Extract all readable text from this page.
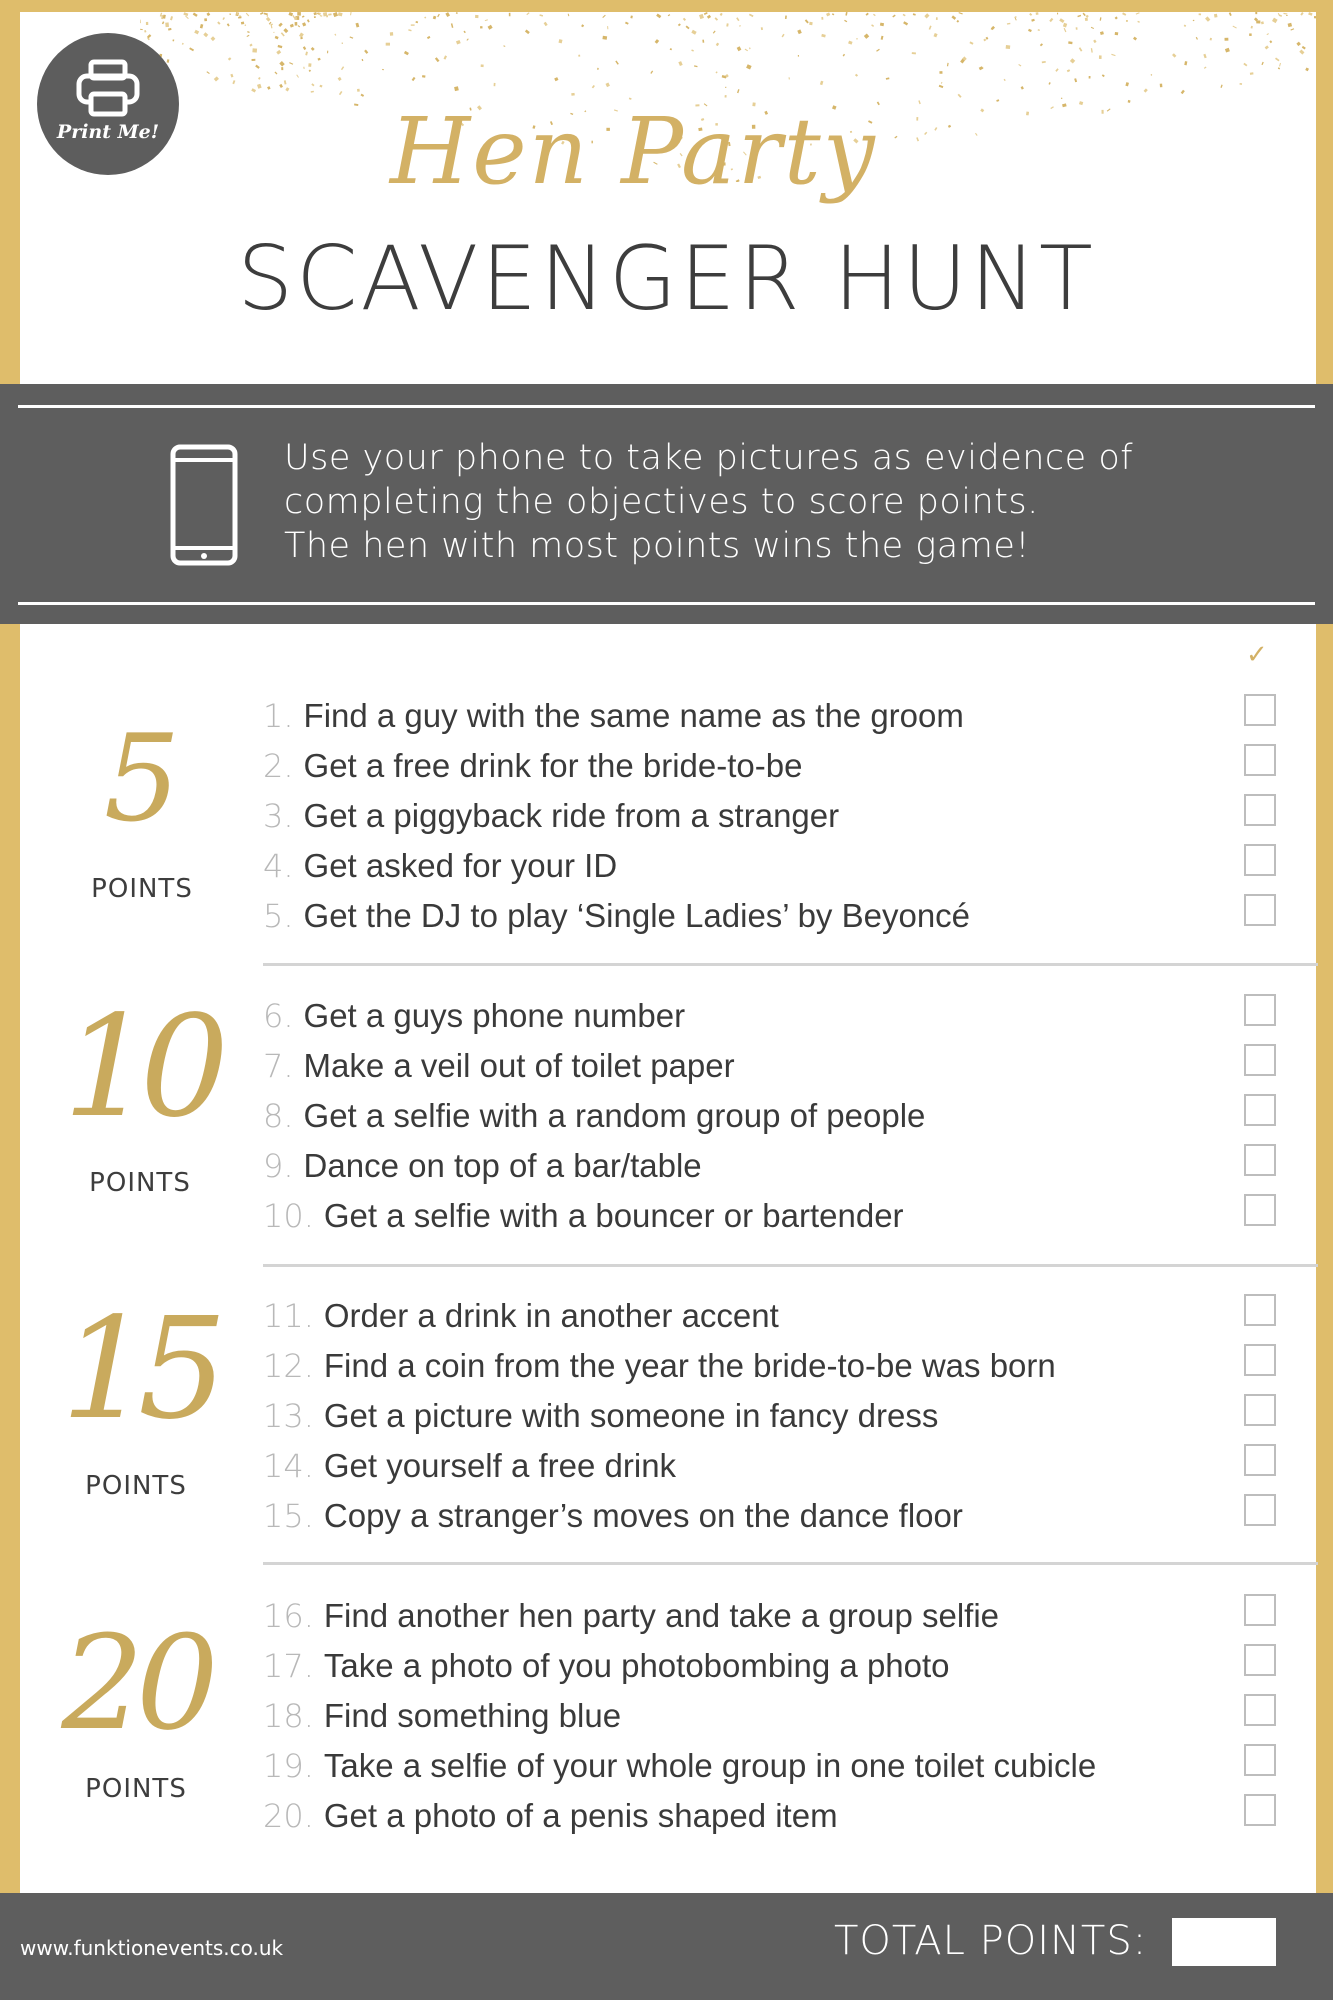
Print Me!	Hen Party
SCAVENGER HUNT
Use your phone to take pictures as evidence of
completing the objectives to score points.
The hen with most points wins the game!
✓
5
POINTS
1. Find a guy with the same name as the groom
2. Get a free drink for the bride-to-be
3. Get a piggyback ride from a stranger
4. Get asked for your ID
5. Get the DJ to play ‘Single Ladies’ by Beyoncé
10
POINTS
6. Get a guys phone number
7. Make a veil out of toilet paper
8. Get a selfie with a random group of people
9. Dance on top of a bar/table
10. Get a selfie with a bouncer or bartender
15
POINTS
11. Order a drink in another accent
12. Find a coin from the year the bride-to-be was born
13. Get a picture with someone in fancy dress
14. Get yourself a free drink
15. Copy a stranger’s moves on the dance floor
20
POINTS
16. Find another hen party and take a group selfie
17. Take a photo of you photobombing a photo
18. Find something blue
19. Take a selfie of your whole group in one toilet cubicle
20. Get a photo of a penis shaped item
www.funktionevents.co.uk	TOTAL POINTS:
